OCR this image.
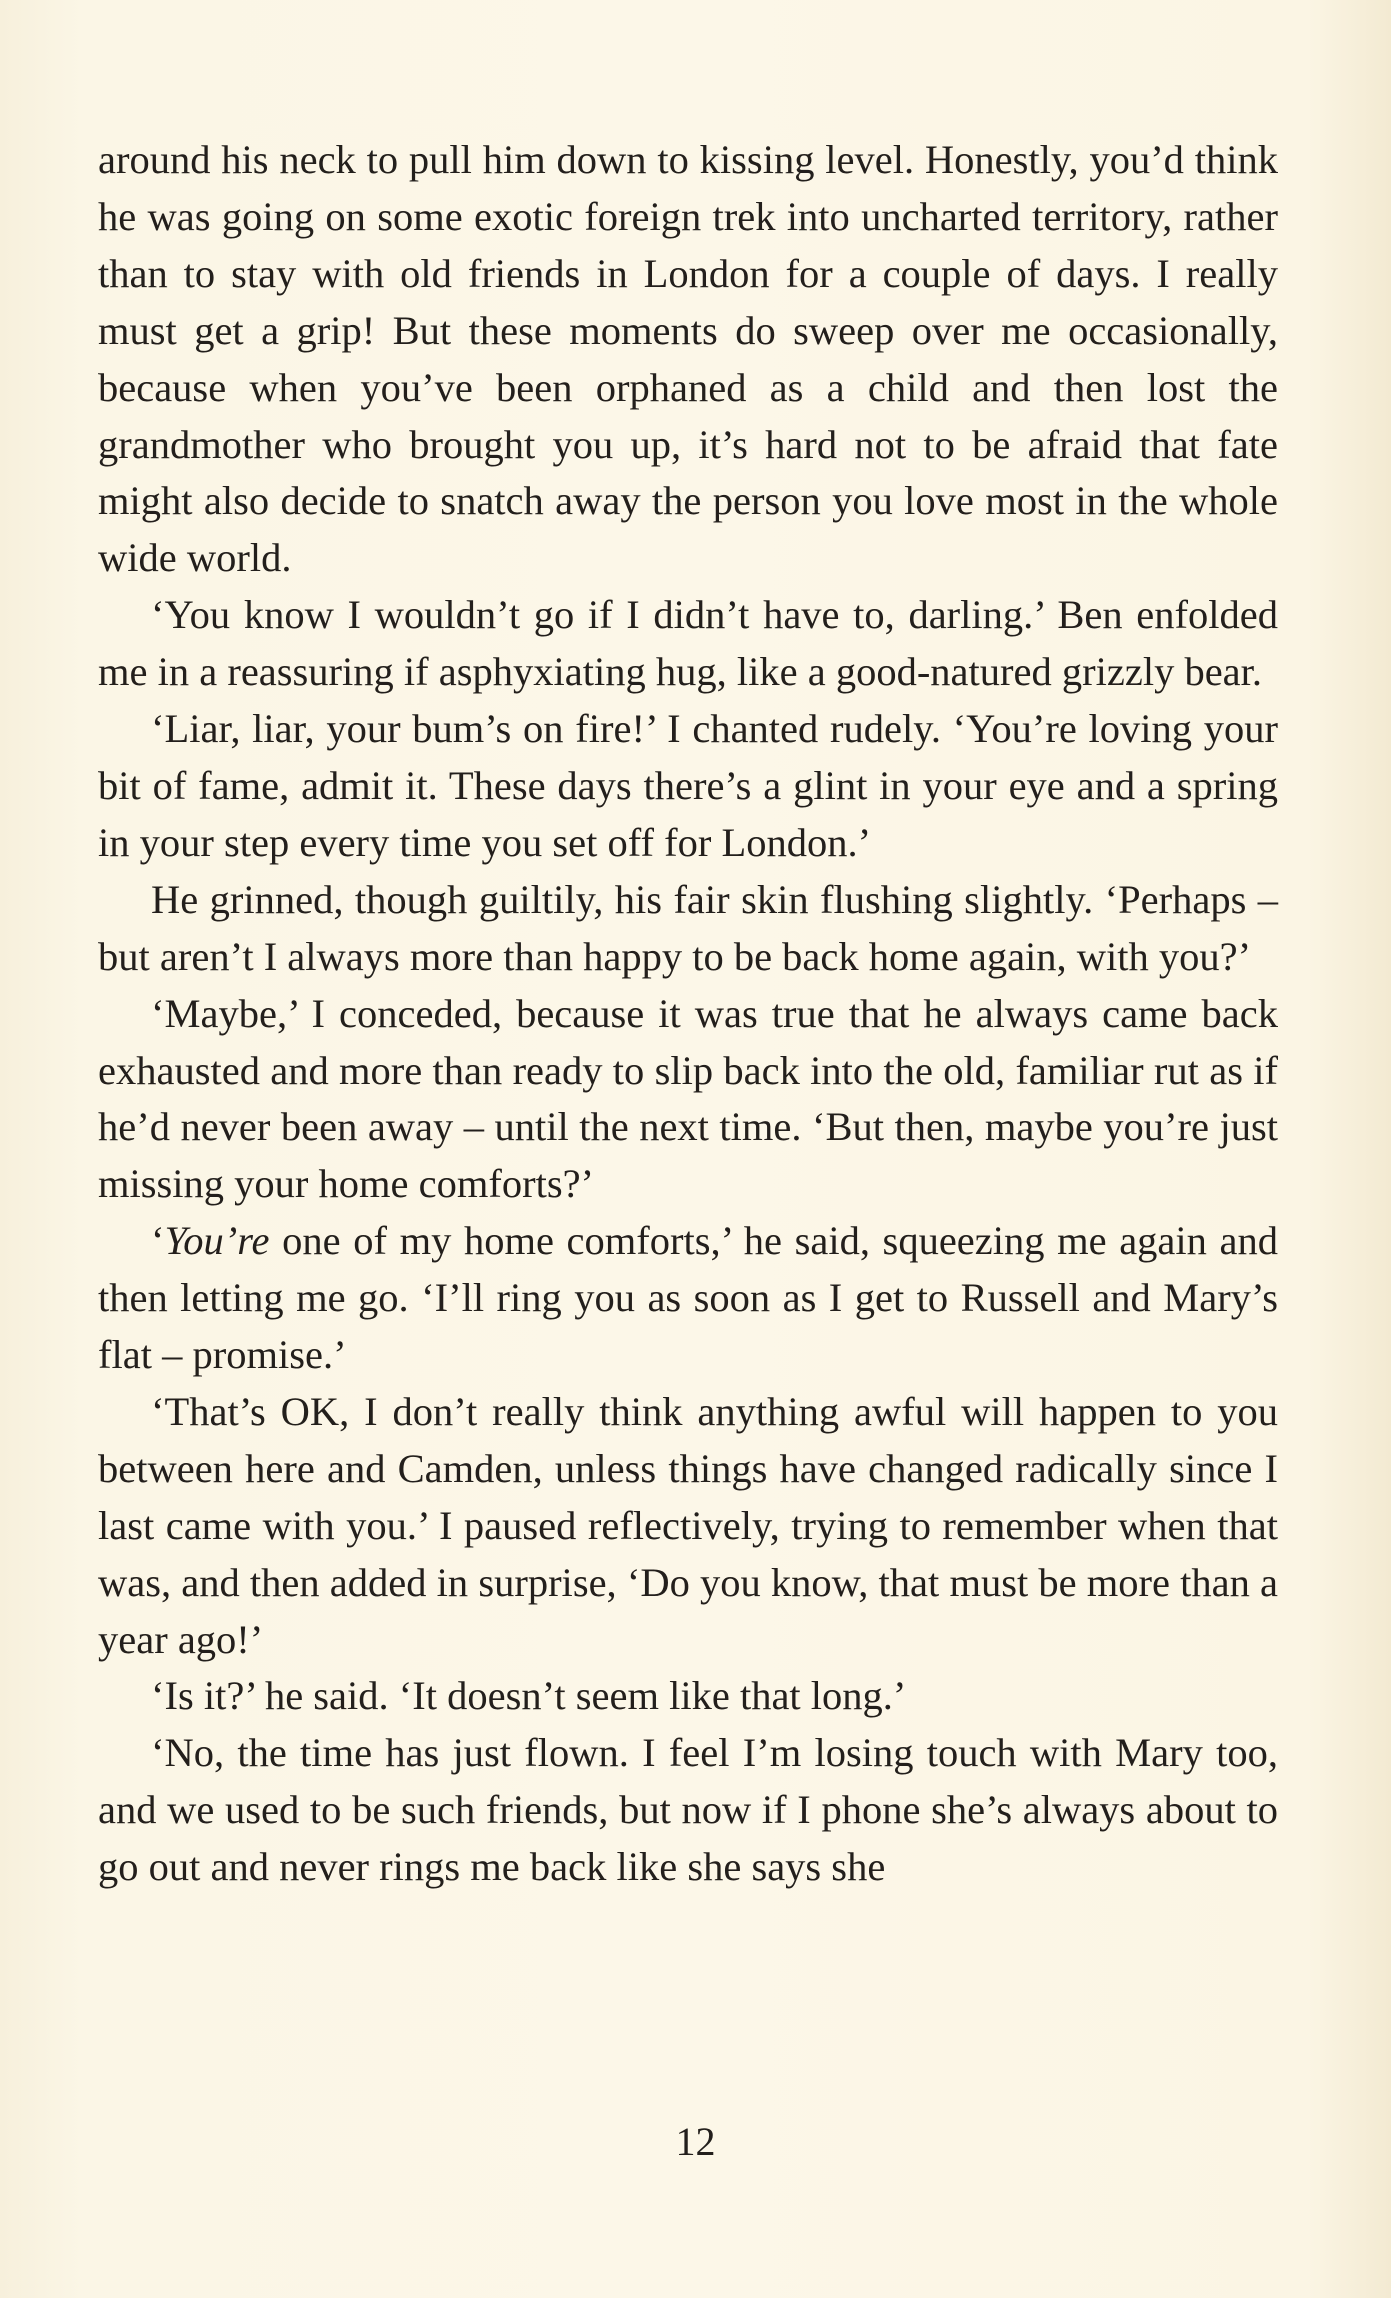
around his neck to pull him down to kissing level. Honestly, you’d think he was going on some exotic foreign trek into uncharted territory, rather than to stay with old friends in London for a couple of days. I really must get a grip! But these moments do sweep over me occasionally, because when you’ve been orphaned as a child and then lost the grandmother who brought you up, it’s hard not to be afraid that fate might also decide to snatch away the person you love most in the whole wide world.

‘You know I wouldn’t go if I didn’t have to, darling.’ Ben enfolded me in a reassuring if asphyxiating hug, like a good-natured grizzly bear.

‘Liar, liar, your bum’s on fire!’ I chanted rudely. ‘You’re loving your bit of fame, admit it. These days there’s a glint in your eye and a spring in your step every time you set off for London.’

He grinned, though guiltily, his fair skin flushing slightly. ‘Perhaps – but aren’t I always more than happy to be back home again, with you?’

‘Maybe,’ I conceded, because it was true that he always came back exhausted and more than ready to slip back into the old, familiar rut as if he’d never been away – until the next time. ‘But then, maybe you’re just missing your home comforts?’

‘You’re one of my home comforts,’ he said, squeezing me again and then letting me go. ‘I’ll ring you as soon as I get to Russell and Mary’s flat – promise.’

‘That’s OK, I don’t really think anything awful will happen to you between here and Camden, unless things have changed radically since I last came with you.’ I paused reflectively, trying to remember when that was, and then added in surprise, ‘Do you know, that must be more than a year ago!’

‘Is it?’ he said. ‘It doesn’t seem like that long.’

‘No, the time has just flown. I feel I’m losing touch with Mary too, and we used to be such friends, but now if I phone she’s always about to go out and never rings me back like she says she

12
